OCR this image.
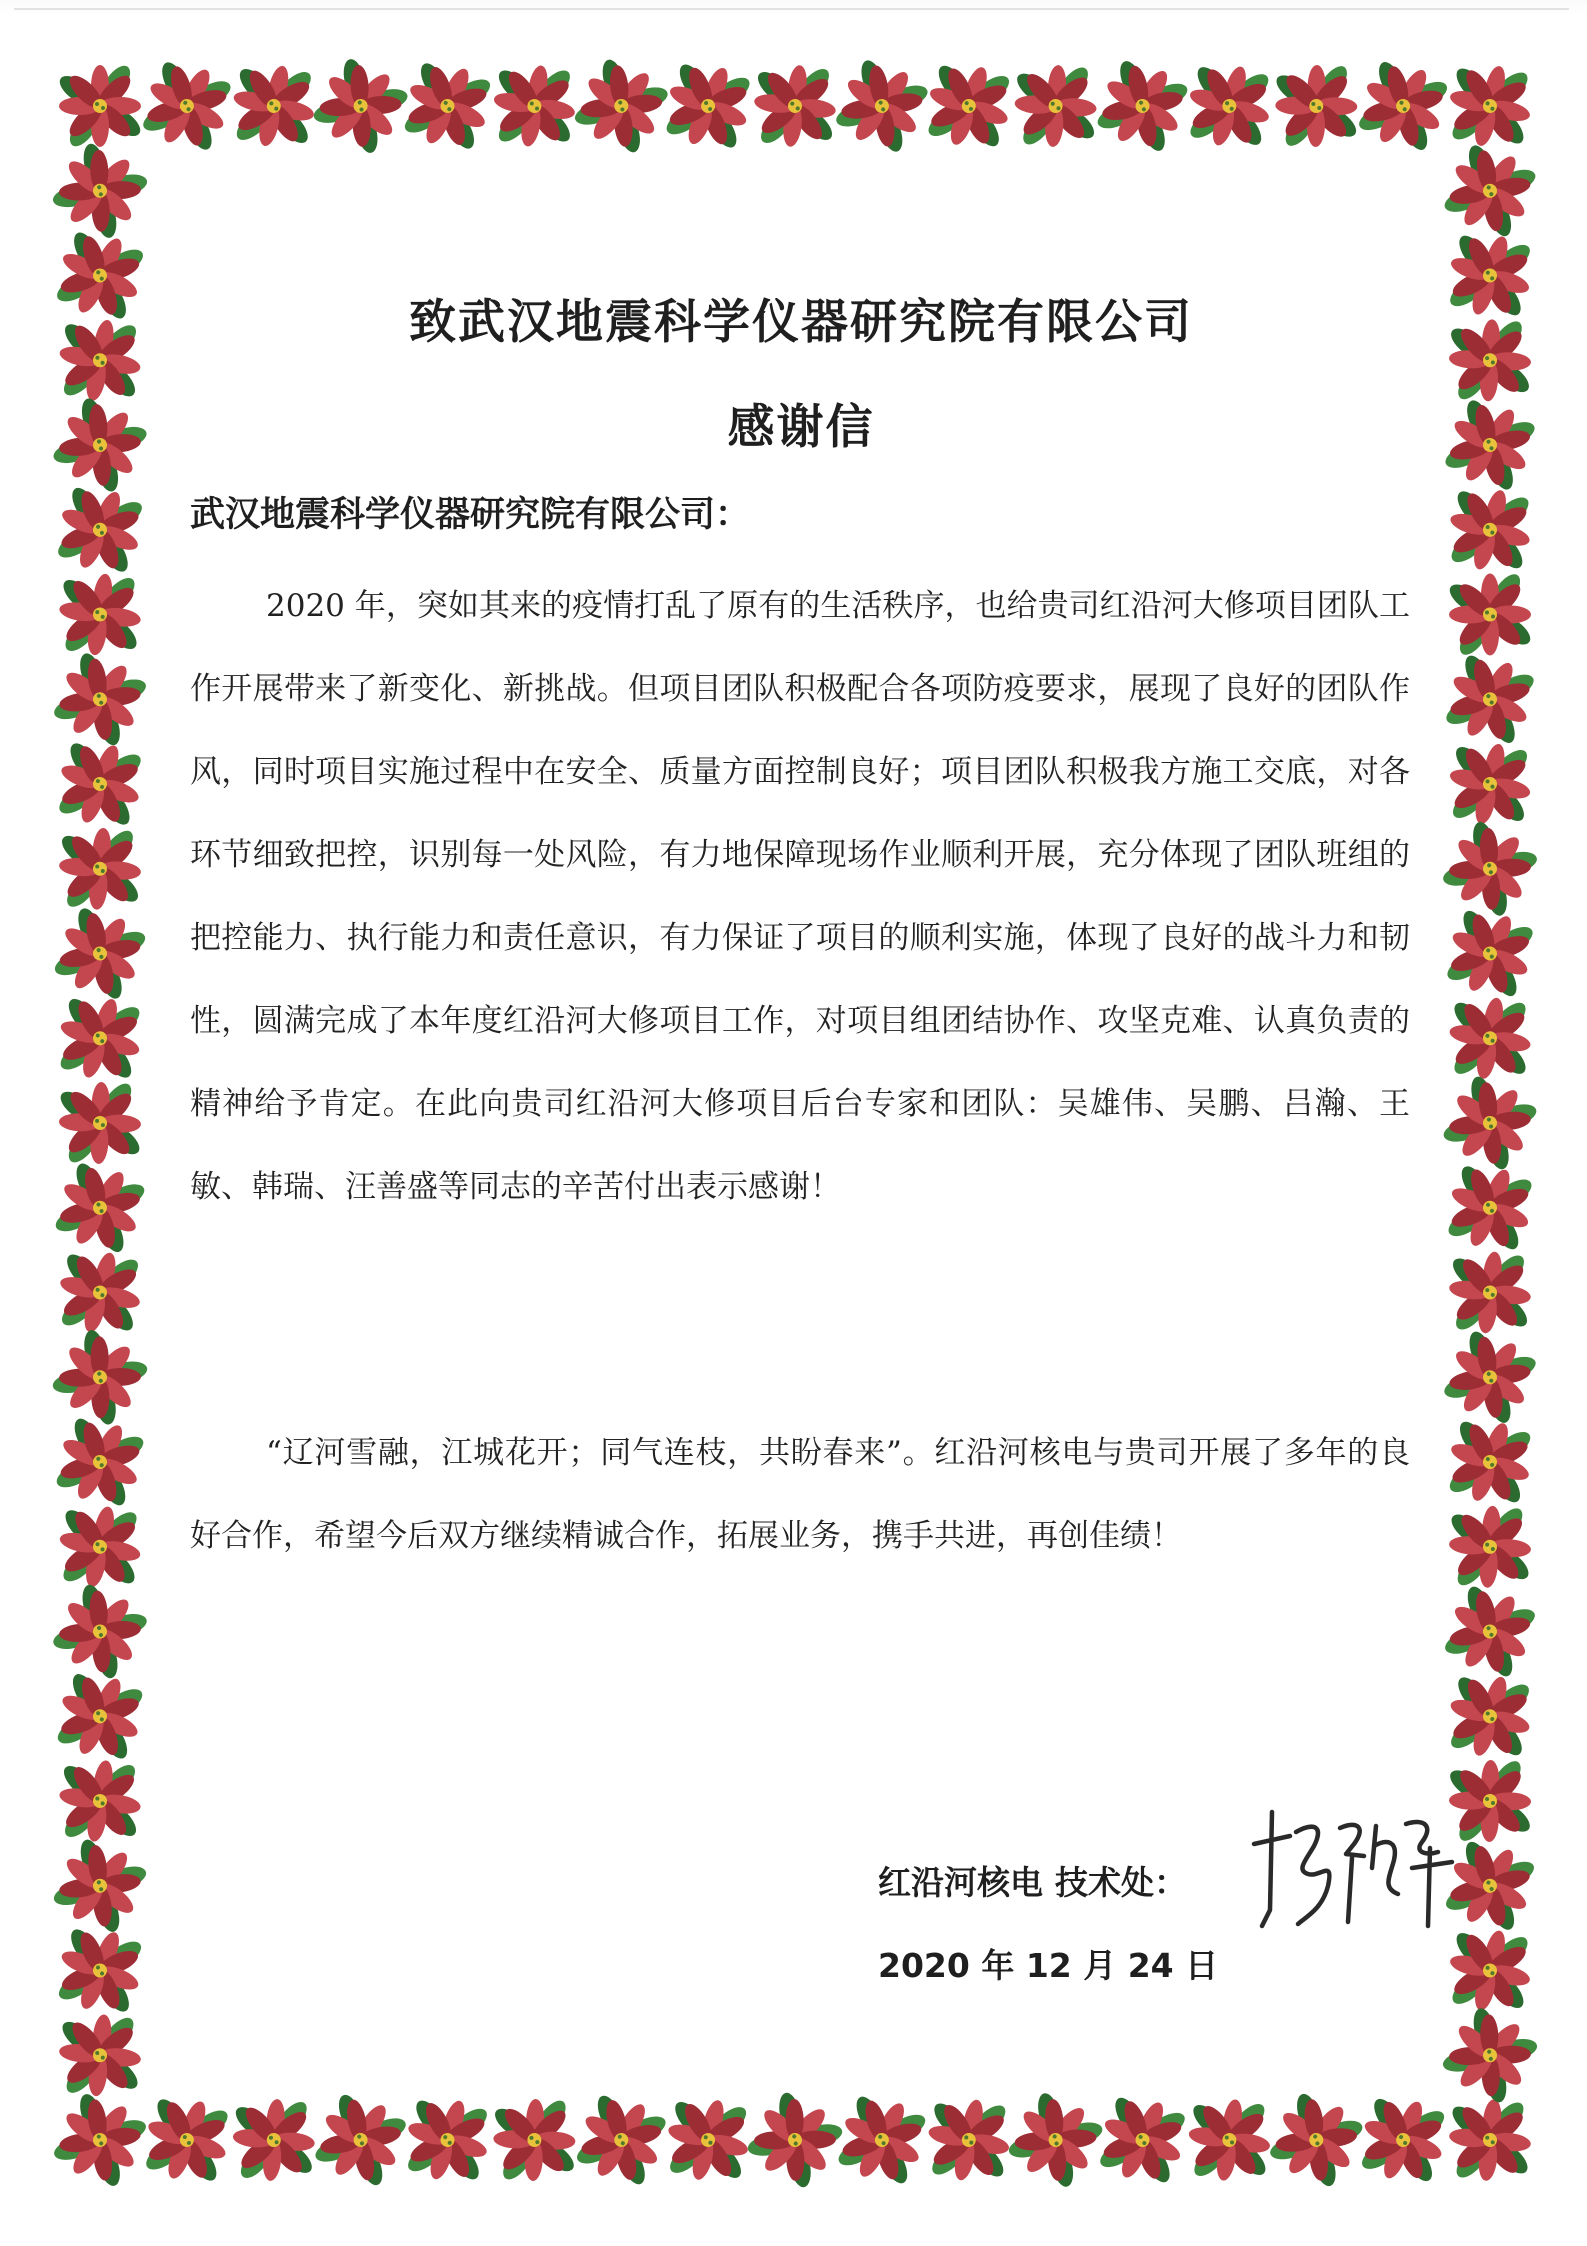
致武汉地震科学仪器研究院有限公司
感谢信
武汉地震科学仪器研究院有限公司：

2020 年，突如其来的疫情打乱了原有的生活秩序，也给贵司红沿河大修项目团队工作开展带来了新变化、新挑战。但项目团队积极配合各项防疫要求，展现了良好的团队作风，同时项目实施过程中在安全、质量方面控制良好；项目团队积极我方施工交底，对各环节细致把控，识别每一处风险，有力地保障现场作业顺利开展，充分体现了团队班组的把控能力、执行能力和责任意识，有力保证了项目的顺利实施，体现了良好的战斗力和韧性，圆满完成了本年度红沿河大修项目工作，对项目组团结协作、攻坚克难、认真负责的精神给予肯定。在此向贵司红沿河大修项目后台专家和团队：吴雄伟、吴鹏、吕瀚、王敏、韩瑞、汪善盛等同志的辛苦付出表示感谢！

“辽河雪融，江城花开；同气连枝，共盼春来”。红沿河核电与贵司开展了多年的良好合作，希望今后双方继续精诚合作，拓展业务，携手共进，再创佳绩！

红沿河核电 技术处：
2020 年 12 月 24 日
